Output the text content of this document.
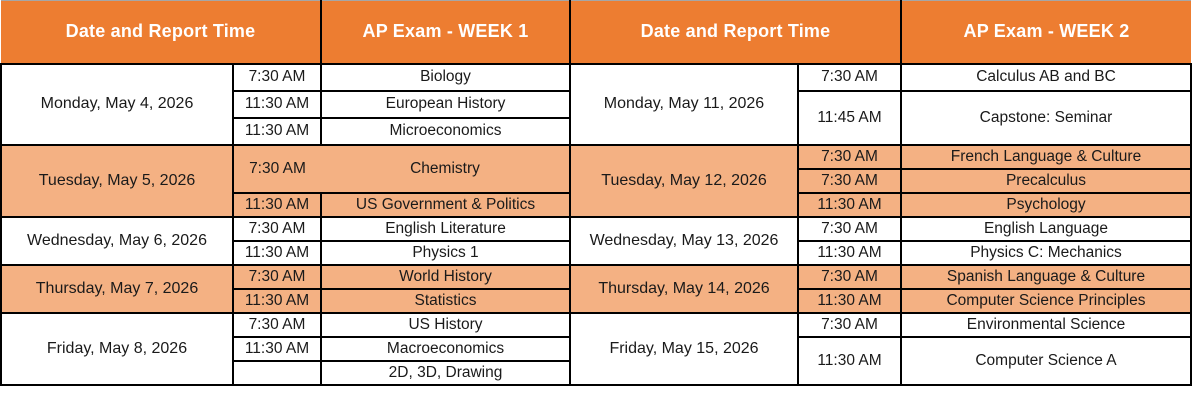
Date and Report Time		AP Exam - WEEK 1	Date and Report Time		AP Exam - WEEK 2
Monday, May 4, 2026	7:30 AM	Biology	Monday, May 11, 2026	7:30 AM	Calculus AB and BC
	11:30 AM	European History		11:45 AM	Capstone: Seminar
	11:30 AM	Microeconomics			
Tuesday, May 5, 2026	7:30 AM	Chemistry	Tuesday, May 12, 2026	7:30 AM	French Language & Culture
				7:30 AM	Precalculus
	11:30 AM	US Government & Politics		11:30 AM	Psychology
Wednesday, May 6, 2026	7:30 AM	English Literature	Wednesday, May 13, 2026	7:30 AM	English Language
	11:30 AM	Physics 1		11:30 AM	Physics C: Mechanics
Thursday, May 7, 2026	7:30 AM	World History	Thursday, May 14, 2026	7:30 AM	Spanish Language & Culture
	11:30 AM	Statistics		11:30 AM	Computer Science Principles
Friday, May 8, 2026	7:30 AM	US History	Friday, May 15, 2026	7:30 AM	Environmental Science
	11:30 AM	Macroeconomics		11:30 AM	Computer Science A
		2D, 3D, Drawing			
